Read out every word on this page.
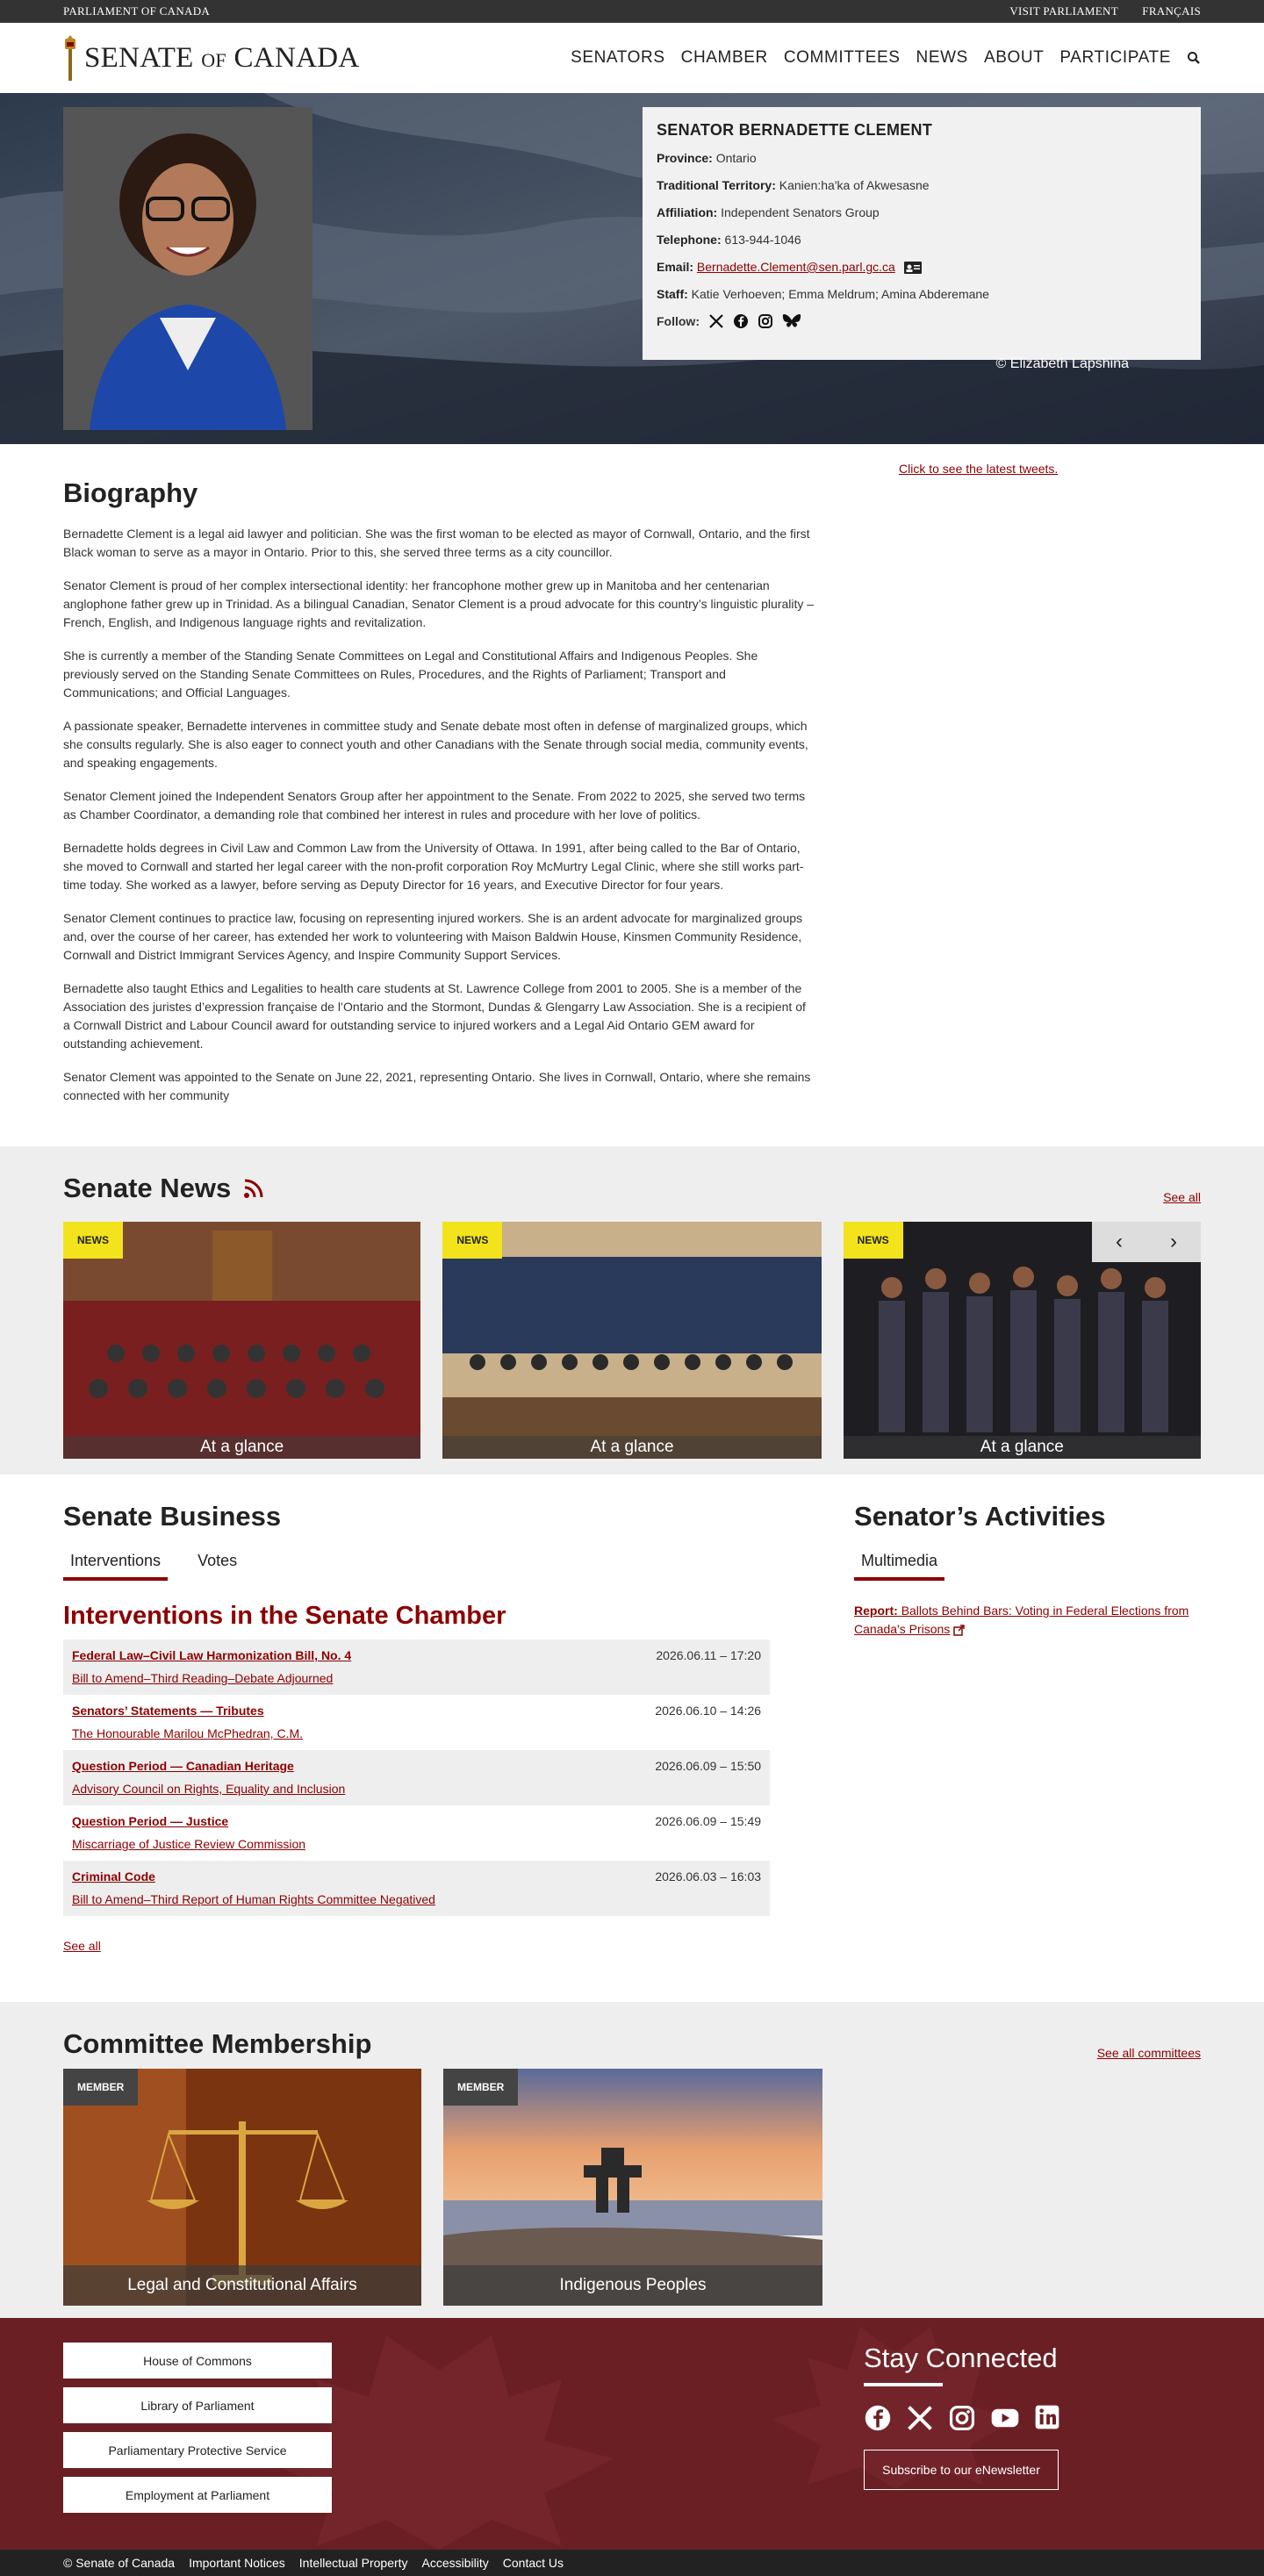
PARLIAMENT OF CANADA	VISIT PARLIAMENT FRANÇAIS
SENATE OF CANADA	SENATORS CHAMBER COMMITTEES NEWS ABOUT PARTICIPATE
SENATOR BERNADETTE CLEMENT

Province: Ontario

Traditional Territory: Kanien:ha'ka of Akwesasne

Affiliation: Independent Senators Group

Telephone: 613-944-1046

Email: Bernadette.Clement@sen.parl.gc.ca

Staff: Katie Verhoeven; Emma Meldrum; Amina Abderemane

Follow:
© Elizabeth Lapshina
Biography

Bernadette Clement is a legal aid lawyer and politician. She was the first woman to be elected as mayor of Cornwall, Ontario, and the first Black woman to serve as a mayor in Ontario. Prior to this, she served three terms as a city councillor.

Senator Clement is proud of her complex intersectional identity: her francophone mother grew up in Manitoba and her centenarian anglophone father grew up in Trinidad. As a bilingual Canadian, Senator Clement is a proud advocate for this country’s linguistic plurality – French, English, and Indigenous language rights and revitalization.

She is currently a member of the Standing Senate Committees on Legal and Constitutional Affairs and Indigenous Peoples. She previously served on the Standing Senate Committees on Rules, Procedures, and the Rights of Parliament; Transport and Communications; and Official Languages.

A passionate speaker, Bernadette intervenes in committee study and Senate debate most often in defense of marginalized groups, which she consults regularly. She is also eager to connect youth and other Canadians with the Senate through social media, community events, and speaking engagements.

Senator Clement joined the Independent Senators Group after her appointment to the Senate. From 2022 to 2025, she served two terms as Chamber Coordinator, a demanding role that combined her interest in rules and procedure with her love of politics.

Bernadette holds degrees in Civil Law and Common Law from the University of Ottawa. In 1991, after being called to the Bar of Ontario, she moved to Cornwall and started her legal career with the non-profit corporation Roy McMurtry Legal Clinic, where she still works part-time today. She worked as a lawyer, before serving as Deputy Director for 16 years, and Executive Director for four years.

Senator Clement continues to practice law, focusing on representing injured workers. She is an ardent advocate for marginalized groups and, over the course of her career, has extended her work to volunteering with Maison Baldwin House, Kinsmen Community Residence, Cornwall and District Immigrant Services Agency, and Inspire Community Support Services.

Bernadette also taught Ethics and Legalities to health care students at St. Lawrence College from 2001 to 2005. She is a member of the Association des juristes d’expression française de l’Ontario and the Stormont, Dundas & Glengarry Law Association. She is a recipient of a Cornwall District and Labour Council award for outstanding service to injured workers and a Legal Aid Ontario GEM award for outstanding achievement.

Senator Clement was appointed to the Senate on June 22, 2021, representing Ontario. She lives in Cornwall, Ontario, where she remains connected with her community

Click to see the latest tweets.
Senate News	See all
NEWS
At a glance
NEWS
At a glance
NEWS	‹	›
At a glance
Senate Business
Interventions	Votes
Interventions in the Senate Chamber
Federal Law–Civil Law Harmonization Bill, No. 4
Bill to Amend–Third Reading–Debate Adjourned
2026.06.11 – 17:20
Senators’ Statements — Tributes
The Honourable Marilou McPhedran, C.M.
2026.06.10 – 14:26
Question Period — Canadian Heritage
Advisory Council on Rights, Equality and Inclusion
2026.06.09 – 15:50
Question Period — Justice
Miscarriage of Justice Review Commission
2026.06.09 – 15:49
Criminal Code
Bill to Amend–Third Report of Human Rights Committee Negatived
2026.06.03 – 16:03
See all
Senator’s Activities
Multimedia
Report: Ballots Behind Bars: Voting in Federal Elections from Canada's Prisons
Committee Membership	See all committees
MEMBER
Legal and Constitutional Affairs
MEMBER
Indigenous Peoples
House of Commons
Library of Parliament
Parliamentary Protective Service
Employment at Parliament
Stay Connected
Subscribe to our eNewsletter
© Senate of Canada Important Notices Intellectual Property Accessibility Contact Us
